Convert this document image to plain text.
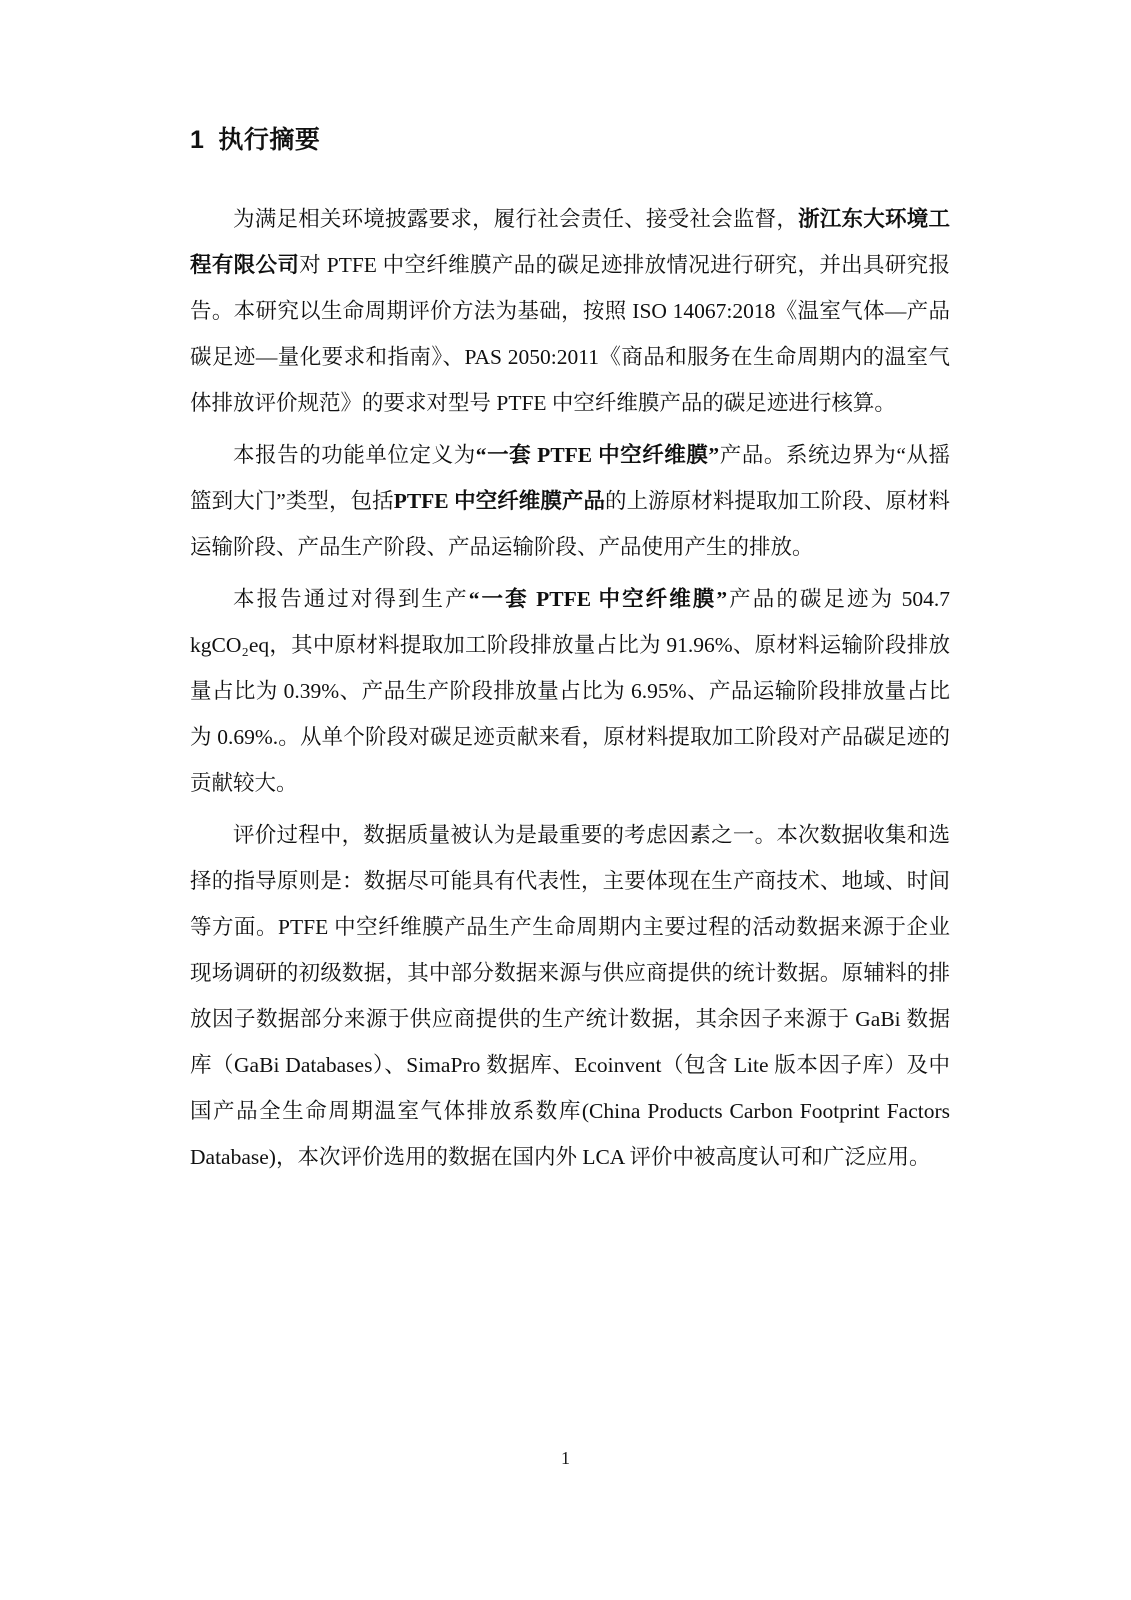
1 执行摘要

为满足相关环境披露要求，履行社会责任、接受社会监督，浙江东大环境工程有限公司对 PTFE 中空纤维膜产品的碳足迹排放情况进行研究，并出具研究报告。本研究以生命周期评价方法为基础，按照 ISO 14067:2018《温室气体—产品碳足迹—量化要求和指南》、PAS 2050:2011《商品和服务在生命周期内的温室气体排放评价规范》的要求对型号 PTFE 中空纤维膜产品的碳足迹进行核算。

本报告的功能单位定义为“一套 PTFE 中空纤维膜”产品。系统边界为“从摇篮到大门”类型，包括PTFE 中空纤维膜产品的上游原材料提取加工阶段、原材料运输阶段、产品生产阶段、产品运输阶段、产品使用产生的排放。

本报告通过对得到生产“一套 PTFE 中空纤维膜”产品的碳足迹为 504.7 kgCO₂eq，其中原材料提取加工阶段排放量占比为 91.96%、原材料运输阶段排放量占比为 0.39%、产品生产阶段排放量占比为 6.95%、产品运输阶段排放量占比为 0.69%.。从单个阶段对碳足迹贡献来看，原材料提取加工阶段对产品碳足迹的贡献较大。

评价过程中，数据质量被认为是最重要的考虑因素之一。本次数据收集和选择的指导原则是：数据尽可能具有代表性，主要体现在生产商技术、地域、时间等方面。PTFE 中空纤维膜产品生产生命周期内主要过程的活动数据来源于企业现场调研的初级数据，其中部分数据来源与供应商提供的统计数据。原辅料的排放因子数据部分来源于供应商提供的生产统计数据，其余因子来源于 GaBi 数据库（GaBi Databases）、SimaPro 数据库、Ecoinvent（包含 Lite 版本因子库）及中国产品全生命周期温室气体排放系数库(China Products Carbon Footprint Factors Database)，本次评价选用的数据在国内外 LCA 评价中被高度认可和广泛应用。

1
